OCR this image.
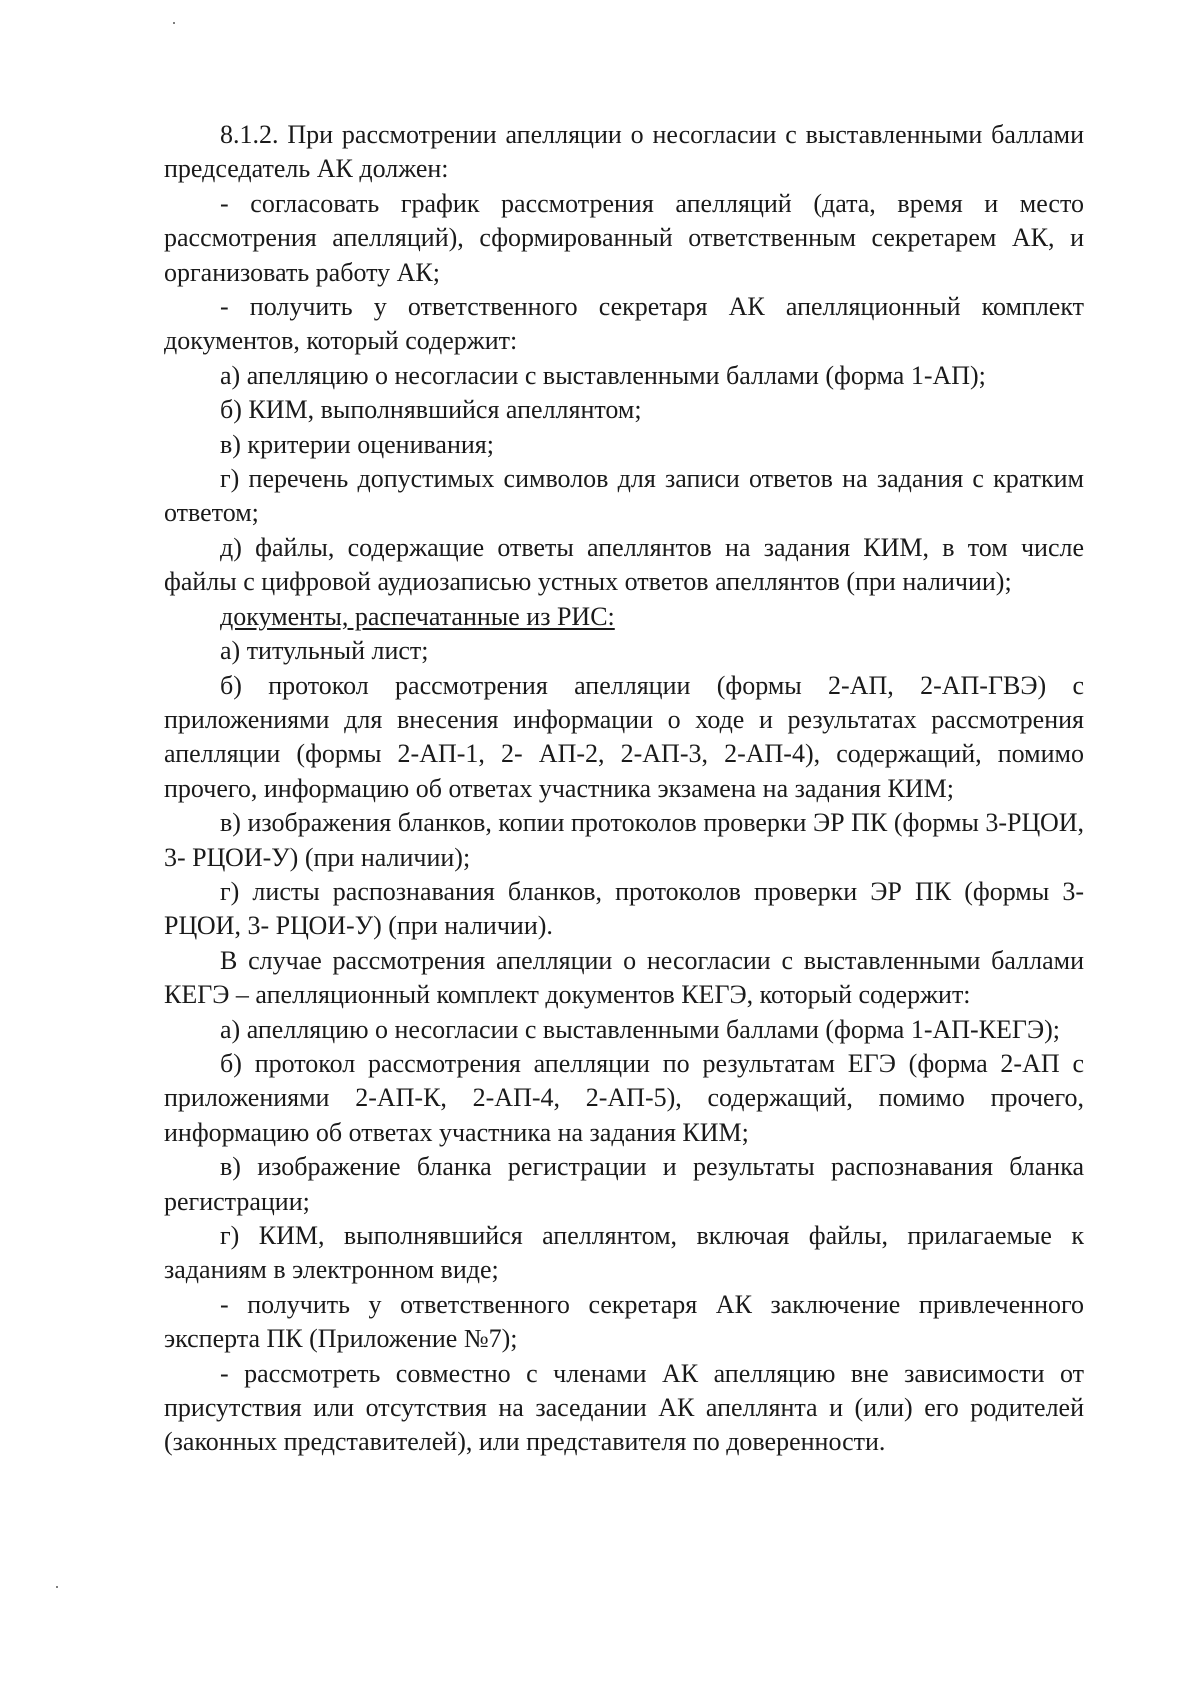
8.1.2. При рассмотрении апелляции о несогласии с выставленными баллами председатель АК должен:

- согласовать график рассмотрения апелляций (дата, время и место рассмотрения апелляций), сформированный ответственным секретарем АК, и организовать работу АК;

- получить у ответственного секретаря АК апелляционный комплект документов, который содержит:

а) апелляцию о несогласии с выставленными баллами (форма 1-АП);

б) КИМ, выполнявшийся апеллянтом;

в) критерии оценивания;

г) перечень допустимых символов для записи ответов на задания с кратким ответом;

д) файлы, содержащие ответы апеллянтов на задания КИМ, в том числе файлы с цифровой аудиозаписью устных ответов апеллянтов (при наличии);

документы, распечатанные из РИС:

а) титульный лист;

б) протокол рассмотрения апелляции (формы 2-АП, 2-АП-ГВЭ) с приложениями для внесения информации о ходе и результатах рассмотрения апелляции (формы 2-АП-1, 2- АП-2, 2-АП-3, 2-АП-4), содержащий, помимо прочего, информацию об ответах участника экзамена на задания КИМ;

в) изображения бланков, копии протоколов проверки ЭР ПК (формы 3-РЦОИ, 3- РЦОИ-У) (при наличии);

г) листы распознавания бланков, протоколов проверки ЭР ПК (формы 3-РЦОИ, 3- РЦОИ-У) (при наличии).

В случае рассмотрения апелляции о несогласии с выставленными баллами КЕГЭ – апелляционный комплект документов КЕГЭ, который содержит:

а) апелляцию о несогласии с выставленными баллами (форма 1-АП-КЕГЭ);

б) протокол рассмотрения апелляции по результатам ЕГЭ (форма 2-АП с приложениями 2-АП-К, 2-АП-4, 2-АП-5), содержащий, помимо прочего, информацию об ответах участника на задания КИМ;

в) изображение бланка регистрации и результаты распознавания бланка регистрации;

г) КИМ, выполнявшийся апеллянтом, включая файлы, прилагаемые к заданиям в электронном виде;

- получить у ответственного секретаря АК заключение привлеченного эксперта ПК (Приложение №7);

- рассмотреть совместно с членами АК апелляцию вне зависимости от присутствия или отсутствия на заседании АК апеллянта и (или) его родителей (законных представителей), или представителя по доверенности.
